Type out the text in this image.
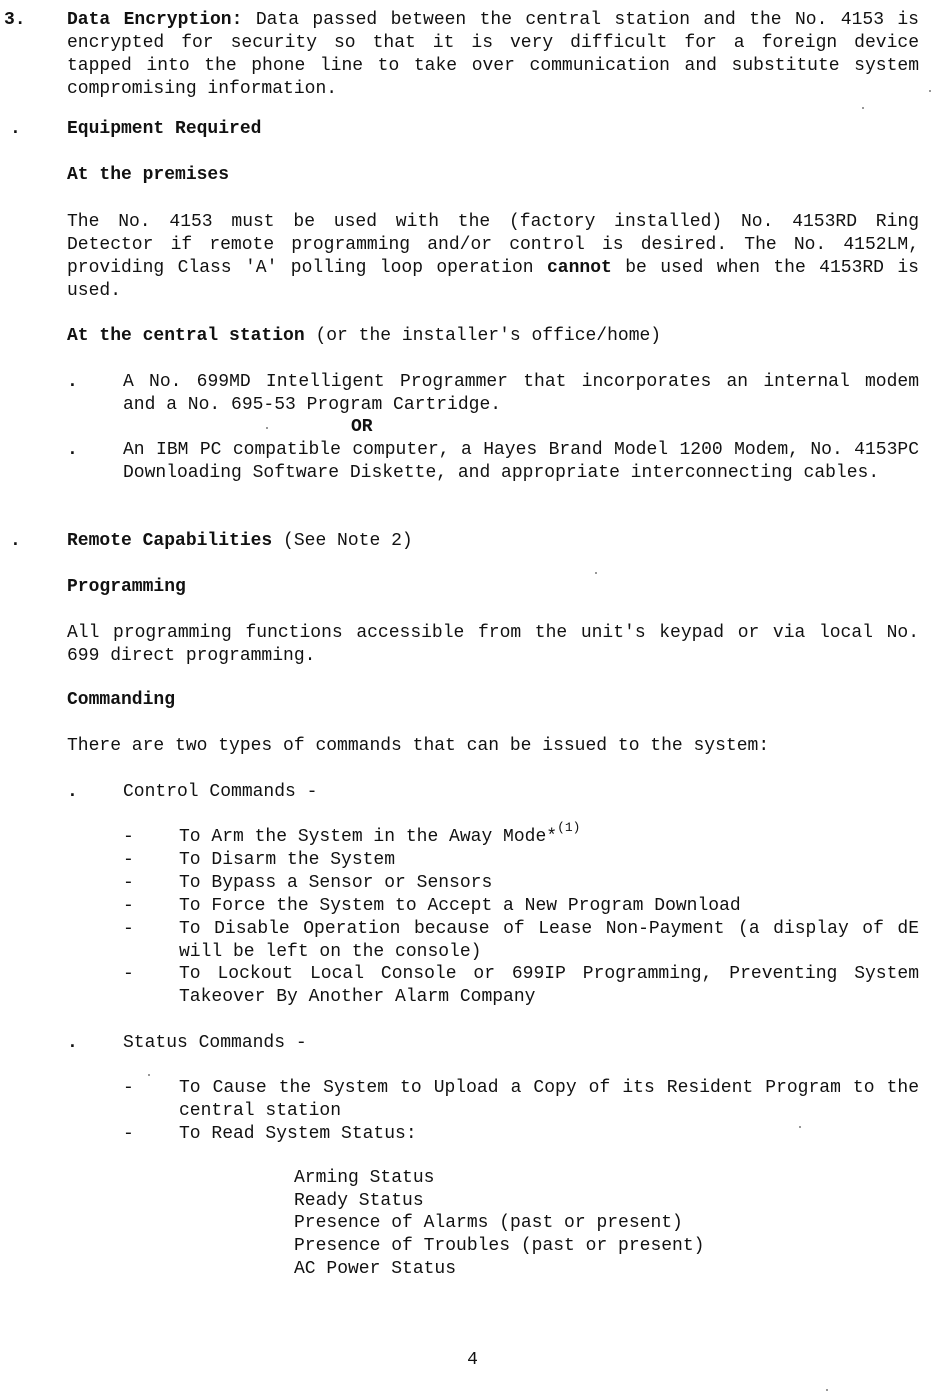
3. Data Encryption: Data passed between the central station and the No. 4153 is encrypted for security so that it is very difficult for a foreign device tapped into the phone line to take over communication and substitute system compromising information.

.	Equipment Required
At the premises

The No. 4153 must be used with the (factory installed) No. 4153RD Ring Detector if remote programming and/or control is desired. The No. 4152LM, providing Class 'A' polling loop operation cannot be used when the 4153RD is used.

At the central station (or the installer's office/home)
.	A No. 699MD Intelligent Programmer that incorporates an internal modem and a No. 695-53 Program Cartridge.

OR
.	An IBM PC compatible computer, a Hayes Brand Model 1200 Modem, No. 4153PC Downloading Software Diskette, and appropriate interconnecting cables.

.	Remote Capabilities (See Note 2)
Programming

All programming functions accessible from the unit's keypad or via local No. 699 direct programming.

Commanding

There are two types of commands that can be issued to the system:

.	Control Commands -
-	To Arm the System in the Away Mode*$^{(1)}$
-	To Disarm the System
-	To Bypass a Sensor or Sensors
-	To Force the System to Accept a New Program Download
-	To Disable Operation because of Lease Non-Payment (a display of dE will be left on the console)

-	To Lockout Local Console or 699IP Programming, Preventing System Takeover By Another Alarm Company

.	Status Commands -
-	To Cause the System to Upload a Copy of its Resident Program to the central station

-	To Read System Status:
Arming Status
Ready Status
Presence of Alarms (past or present)
Presence of Troubles (past or present)
AC Power Status
4
